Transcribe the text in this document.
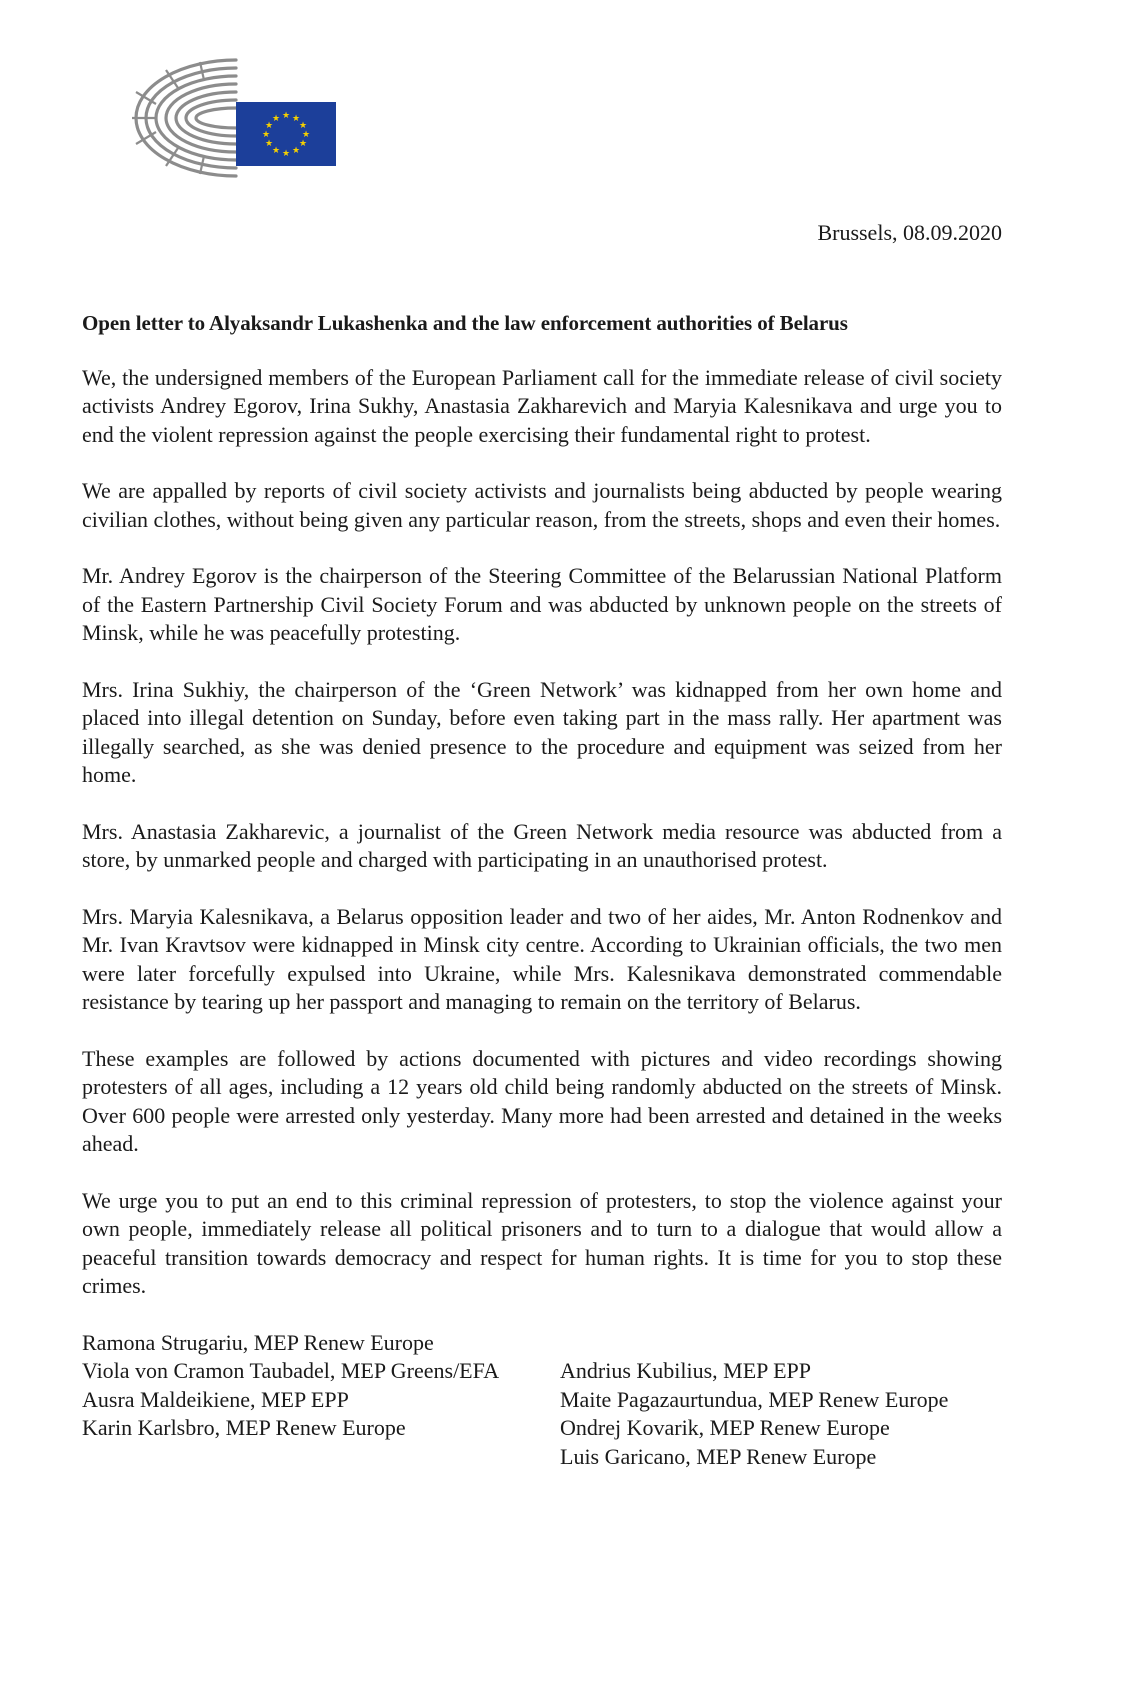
★ ★
★
★
★
★
★
★
★
★
★
★

Brussels, 08.09.2020

Open letter to Alyaksandr Lukashenka and the law enforcement authorities of Belarus

We, the undersigned members of the European Parliament call for the immediate release of civil society activists Andrey Egorov, Irina Sukhy, Anastasia Zakharevich and Maryia Kalesnikava and urge you to end the violent repression against the people exercising their fundamental right to protest.

We are appalled by reports of civil society activists and journalists being abducted by people wearing civilian clothes, without being given any particular reason, from the streets, shops and even their homes.

Mr. Andrey Egorov is the chairperson of the Steering Committee of the Belarussian National Platform of the Eastern Partnership Civil Society Forum and was abducted by unknown people on the streets of Minsk, while he was peacefully protesting.

Mrs. Irina Sukhiy, the chairperson of the ‘Green Network’ was kidnapped from her own home and placed into illegal detention on Sunday, before even taking part in the mass rally. Her apartment was illegally searched, as she was denied presence to the procedure and equipment was seized from her home.

Mrs. Anastasia Zakharevic, a journalist of the Green Network media resource was abducted from a store, by unmarked people and charged with participating in an unauthorised protest.

Mrs. Maryia Kalesnikava, a Belarus opposition leader and two of her aides, Mr. Anton Rodnenkov and Mr. Ivan Kravtsov were kidnapped in Minsk city centre. According to Ukrainian officials, the two men were later forcefully expulsed into Ukraine, while Mrs. Kalesnikava demonstrated commendable resistance by tearing up her passport and managing to remain on the territory of Belarus.

These examples are followed by actions documented with pictures and video recordings showing protesters of all ages, including a 12 years old child being randomly abducted on the streets of Minsk. Over 600 people were arrested only yesterday. Many more had been arrested and detained in the weeks ahead.

We urge you to put an end to this criminal repression of protesters, to stop the violence against your own people, immediately release all political prisoners and to turn to a dialogue that would allow a peaceful transition towards democracy and respect for human rights. It is time for you to stop these crimes.

Ramona Strugariu, MEP Renew Europe

Viola von Cramon Taubadel, MEP Greens/EFA

Ausra Maldeikiene, MEP EPP

Karin Karlsbro, MEP Renew Europe

Andrius Kubilius, MEP EPP

Maite Pagazaurtundua, MEP Renew Europe

Ondrej Kovarik, MEP Renew Europe

Luis Garicano, MEP Renew Europe
